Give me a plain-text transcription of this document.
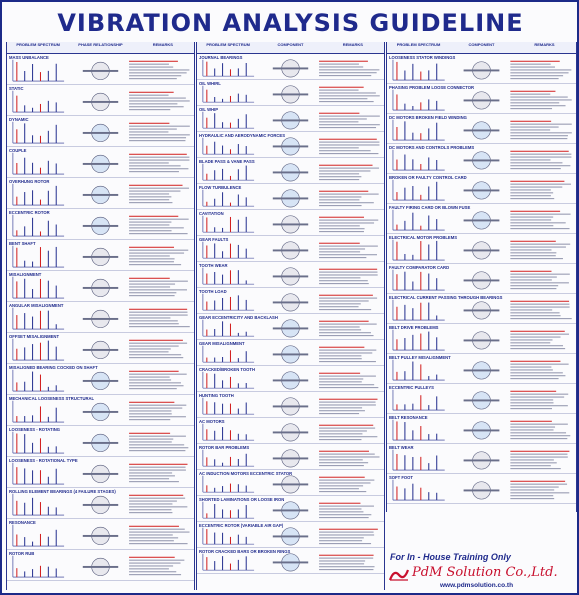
VIBRATION ANALYSIS GUIDELINE
PROBLEM SPECTRUM	PHASE RELATIONSHIP	REMARKS
MASS UNBALANCE
STATIC
DYNAMIC
COUPLE
OVERHUNG ROTOR
ECCENTRIC ROTOR
BENT SHAFT
MISALIGNMENT
ANGULAR MISALIGNMENT
OFFSET MISALIGNMENT
MISALIGNED BEARING COCKED ON SHAFT
MECHANICAL LOOSENESS STRUCTURAL
LOOSENESS - ROTATING
LOOSENESS - ROTATIONAL TYPE
ROLLING ELEMENT BEARINGS (4 FAILURE STAGES)
RESONANCE
ROTOR RUB
PROBLEM SPECTRUM	COMPONENT	REMARKS
JOURNAL BEARINGS
OIL WHIRL
OIL WHIP
HYDRAULIC AND AERODYNAMIC FORCES
BLADE PASS & VANE PASS
FLOW TURBULENCE
CAVITATION
GEAR FAULTS
TOOTH WEAR
TOOTH LOAD
GEAR ECCENTRICITY AND BACKLASH
GEAR MISALIGNMENT
CRACKED/BROKEN TOOTH
HUNTING TOOTH
AC MOTORS
ROTOR BAR PROBLEMS
AC INDUCTION MOTORS ECCENTRIC STATOR
SHORTED LAMINATIONS OR LOOSE IRON
ECCENTRIC ROTOR (VARIABLE AIR GAP)
ROTOR CRACKED BARS OR BROKEN RINGS
PROBLEM SPECTRUM	COMPONENT	REMARKS
LOOSENESS STATOR WINDINGS
PHASING PROBLEM LOOSE CONNECTOR
DC MOTORS BROKEN FIELD WINDING
DC MOTORS AND CONTROLS PROBLEMS
BROKEN OR FAULTY CONTROL CARD
FAULTY FIRING CARD OR BLOWN FUSE
ELECTRICAL MOTOR PROBLEMS
FAULTY COMPARATOR CARD
ELECTRICAL CURRENT PASSING THROUGH BEARINGS
BELT DRIVE PROBLEMS
BELT PULLEY MISALIGNMENT
ECCENTRIC PULLEYS
BELT RESONANCE
BELT WEAR
SOFT FOOT
For In - House Training Only
PdM Solution Co.,Ltd.
www.pdmsolution.co.th
